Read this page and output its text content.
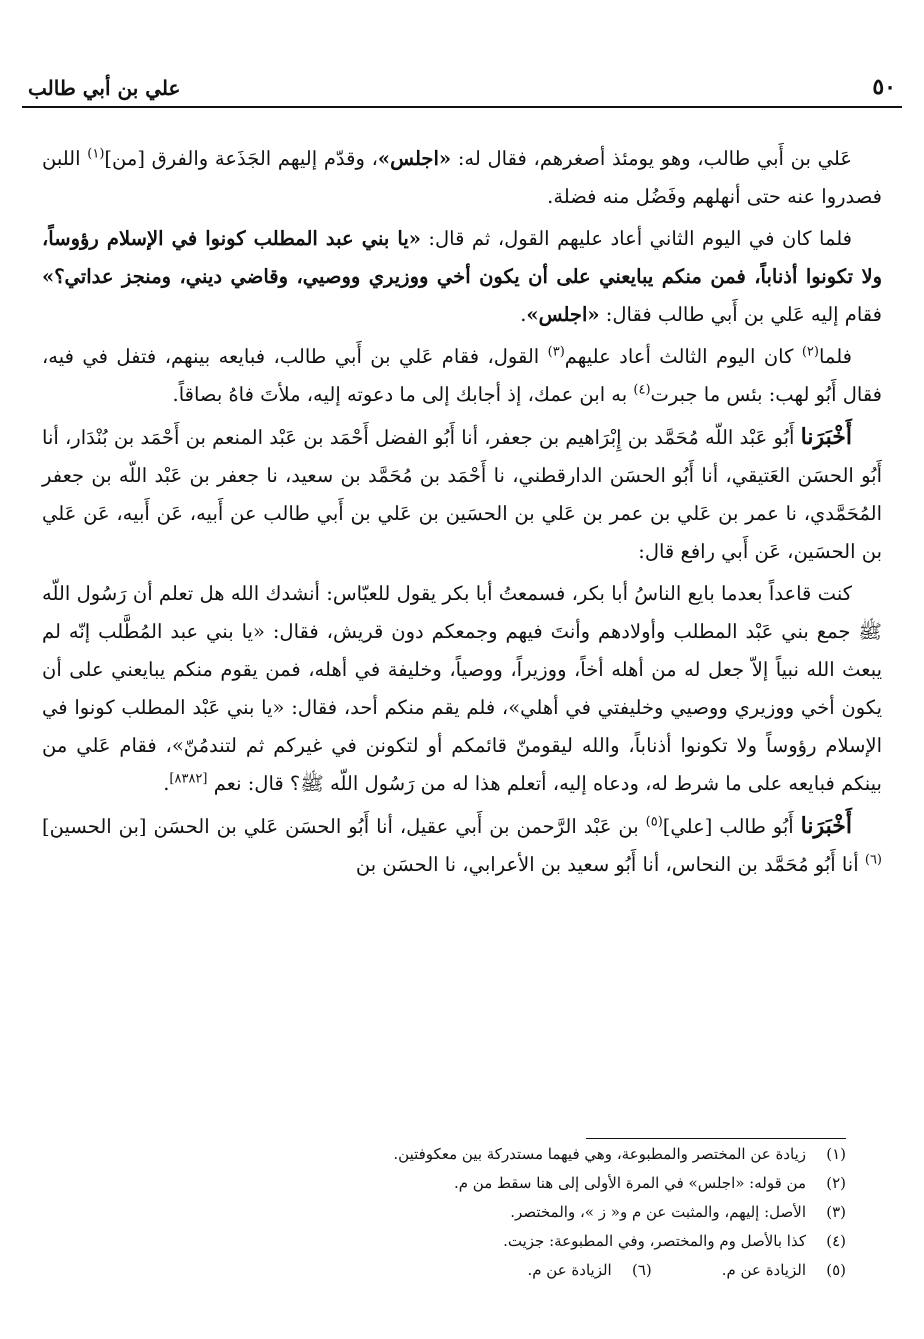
٥٠
علي بن أبي طالب

عَلي بن أَبي طالب، وهو يومئذ أصغرهم، فقال له: «اجلس»، وقدّم إليهم الجَذَعة والفرق [من]$^{(١)}$ اللبن فصدروا عنه حتى أنهلهم وفَضُل منه فضلة.

فلما كان في اليوم الثاني أعاد عليهم القول، ثم قال: «يا بني عبد المطلب كونوا في الإسلام رؤوساً، ولا تكونوا أذناباً، فمن منكم يبايعني على أن يكون أخي ووزيري ووصيي، وقاضي ديني، ومنجز عداتي؟» فقام إليه عَلي بن أَبي طالب فقال: «اجلس».

فلما$^{(٢)}$ كان اليوم الثالث أعاد عليهم$^{(٣)}$ القول، فقام عَلي بن أَبي طالب، فبايعه بينهم، فتفل في فيه، فقال أَبُو لهب: بئس ما جبرت$^{(٤)}$ به ابن عمك، إذ أجابك إلى ما دعوته إليه، ملأتَ فاهُ بصاقاً.

أَخْبَرَنا أَبُو عَبْد اللّه مُحَمَّد بن إِبْرَاهيم بن جعفر، أنا أَبُو الفضل أَحْمَد بن عَبْد المنعم بن أَحْمَد بن بُنْدَار، أنا أَبُو الحسَن العَتيقي، أنا أَبُو الحسَن الدارقطني، نا أَحْمَد بن مُحَمَّد بن سعيد، نا جعفر بن عَبْد اللّه بن جعفر المُحَمَّدي، نا عمر بن عَلي بن عمر بن عَلي بن الحسَين بن عَلي بن أَبي طالب عن أَبيه، عَن أَبيه، عَن عَلي بن الحسَين، عَن أَبي رافع قال:

كنت قاعداً بعدما بايع الناسُ أبا بكر، فسمعتُ أبا بكر يقول للعبّاس: أنشدك الله هل تعلم أن رَسُول اللّه ﷺ جمع بني عَبْد المطلب وأولادهم وأنتَ فيهم وجمعكم دون قريش، فقال: «يا بني عبد المُطَّلب إنّه لم يبعث الله نبياً إلاّ جعل له من أهله أخاً، ووزيراً، ووصياً، وخليفة في أهله، فمن يقوم منكم يبايعني على أن يكون أخي ووزيري ووصيي وخليفتي في أهلي»، فلم يقم منكم أحد، فقال: «يا بني عَبْد المطلب كونوا في الإسلام رؤوساً ولا تكونوا أذناباً، والله ليقومنّ قائمكم أو لتكونن في غيركم ثم لتندمُنّ»، فقام عَلي من بينكم فبايعه على ما شرط له، ودعاه إليه، أتعلم هذا له من رَسُول اللّه ﷺ؟ قال: نعم [٨٣٨٢].

أَخْبَرَنا أَبُو طالب [علي]$^{(٥)}$ بن عَبْد الرَّحمن بن أَبي عقيل، أنا أَبُو الحسَن عَلي بن الحسَن [بن الحسين]$^{(٦)}$ أنا أَبُو مُحَمَّد بن النحاس، أنا أَبُو سعيد بن الأعرابي، نا الحسَن بن

(١)زيادة عن المختصر والمطبوعة، وهي فيهما مستدركة بين معكوفتين.
(٢)من قوله: «اجلس» في المرة الأولى إلى هنا سقط من م.
(٣)الأصل: إليهم، والمثبت عن م و« ز »، والمختصر.
(٤)كذا بالأصل وم والمختصر، وفي المطبوعة: جزيت.
(٥)الزيادة عن م.
(٦)الزيادة عن م.
